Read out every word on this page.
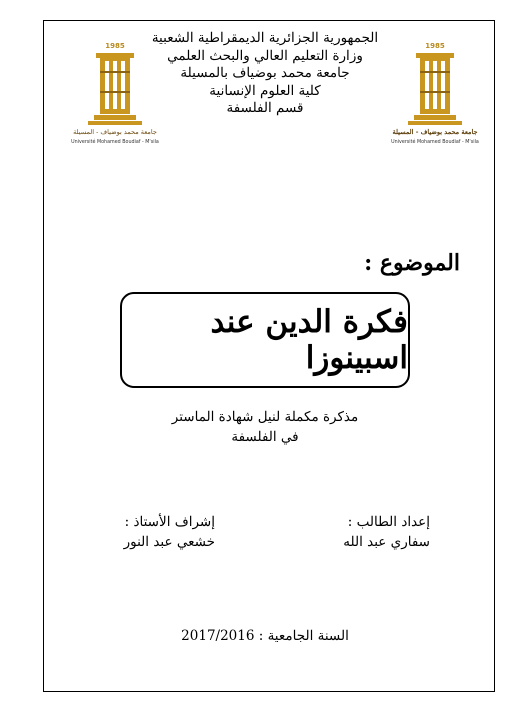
الجمهورية الجزائرية الديمقراطية الشعبية
وزارة التعليم العالي والبحث العلمي
جامعة محمد بوضياف بالمسيلة
كلية العلوم الإنسانية
قسم الفلسفة
1985
جامعة محمد بوضياف - المسيلة
Université Mohamed Boudiaf - M'sila
1985
جامعة محمد بوضياف - المسيلة
Université Mohamed Boudiaf - M'sila
الموضوع :
فكرة الدين عند اسبينوزا
مذكرة مكملة لنيل شهادة الماستر
في الفلسفة
إعداد الطالب :
سفاري عبد الله
إشراف الأستاذ :
خشعي عبد النور
السنة الجامعية : 2017/2016
